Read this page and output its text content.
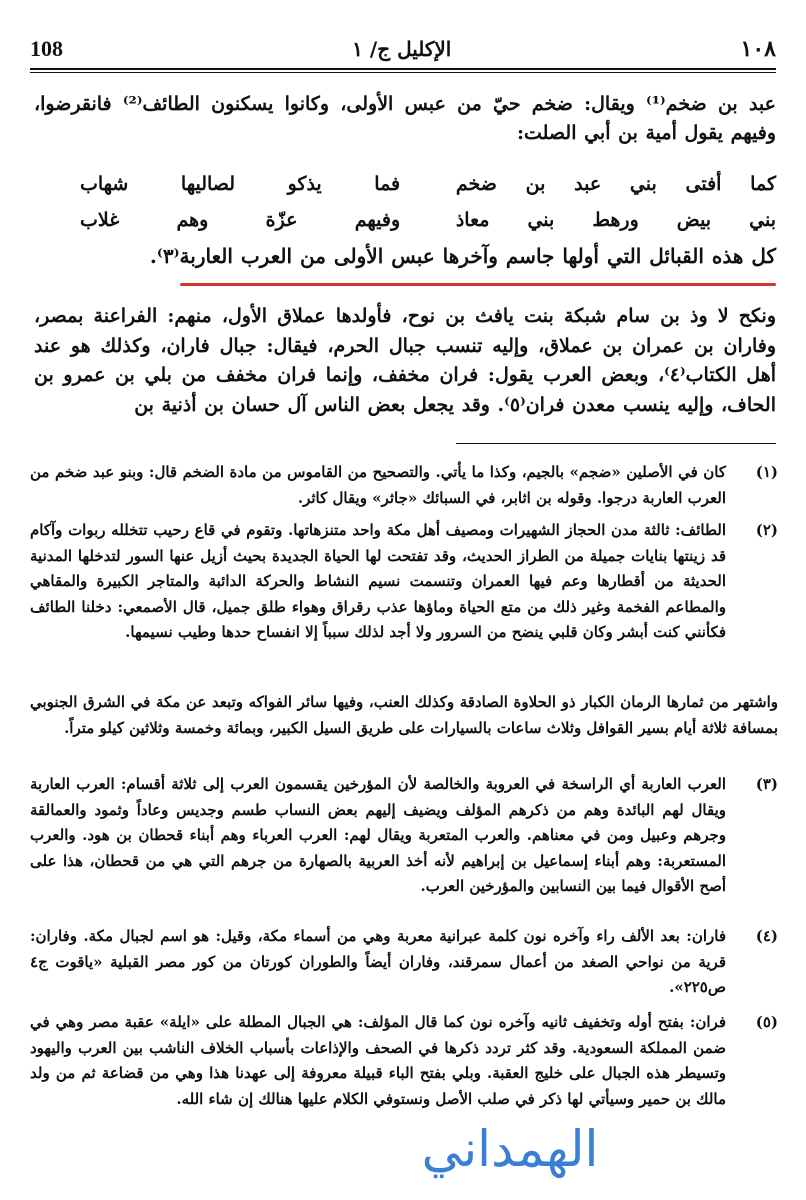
108	الإكليل ج/ ١	١٠٨
عبد بن ضخم⁽¹⁾ ويقال: ضخم حيّ من عبس الأولى، وكانوا يسكنون الطائف⁽²⁾ فانقرضوا، وفيهم يقول أمية بن أبي الصلت:
كما أفتى بني عبد بن ضخم
فما يذكو لصاليها شهاب
بني بيض ورهط بني معاذ
وفيهم عزّة وهم غلاب
كل هذه القبائل التي أولها جاسم وآخرها عبس الأولى من العرب العاربة⁽٣⁾.
ونكح لا وذ بن سام شبكة بنت يافث بن نوح، فأولدها عملاق الأول، منهم: الفراعنة بمصر، وفاران بن عمران بن عملاق، وإليه تنسب جبال الحرم، فيقال: جبال فاران، وكذلك هو عند أهل الكتاب⁽٤⁾، وبعض العرب يقول: فران مخفف، وإنما فران مخفف من بلي بن عمرو بن الحاف، وإليه ينسب معدن فران⁽٥⁾. وقد يجعل بعض الناس آل حسان بن أذنية بن
(١)
كان في الأصلين «ضجم» بالجيم، وكذا ما يأتي. والتصحيح من القاموس من مادة الضخم قال: وبنو عبد ضخم من العرب العاربة درجوا. وقوله بن اثابر، في السبائك «جاثر» ويقال كاثر.
(٢)
الطائف: ثالثة مدن الحجاز الشهيرات ومصيف أهل مكة واحد متنزهاتها. وتقوم في قاع رحيب تتخلله ربوات وآكام قد زينتها بنايات جميلة من الطراز الحديث، وقد تفتحت لها الحياة الجديدة بحيث أزيل عنها السور لتدخلها المدنية الحديثة من أقطارها وعم فيها العمران وتنسمت نسيم النشاط والحركة الدائبة والمتاجر الكبيرة والمقاهي والمطاعم الفخمة وغير ذلك من متع الحياة وماؤها عذب رقراق وهواء طلق جميل، قال الأصمعي: دخلنا الطائف فكأنني كنت أبشر وكان قلبي ينضح من السرور ولا أجد لذلك سبباً إلا انفساح حدها وطيب نسيمها.
واشتهر من ثمارها الرمان الكبار ذو الحلاوة الصادقة وكذلك العنب، وفيها سائر الفواكه وتبعد عن مكة في الشرق الجنوبي بمسافة ثلاثة أيام بسير القوافل وثلاث ساعات بالسيارات على طريق السيل الكبير، وبمائة وخمسة وثلاثين كيلو متراً.
(٣)
العرب العاربة أي الراسخة في العروبة والخالصة لأن المؤرخين يقسمون العرب إلى ثلاثة أقسام: العرب العاربة ويقال لهم البائدة وهم من ذكرهم المؤلف ويضيف إليهم بعض النساب طسم وجديس وعاداً وثمود والعمالقة وجرهم وعبيل ومن في معناهم. والعرب المتعربة ويقال لهم: العرب العرباء وهم أبناء قحطان بن هود. والعرب المستعربة: وهم أبناء إسماعيل بن إبراهيم لأنه أخذ العربية بالصهارة من جرهم التي هي من قحطان، هذا على أصح الأقوال فيما بين النسابين والمؤرخين العرب.
(٤)
فاران: بعد الألف راء وآخره نون كلمة عبرانية معربة وهي من أسماء مكة، وقيل: هو اسم لجبال مكة. وفاران: قرية من نواحي الصغد من أعمال سمرقند، وفاران أيضاً والطوران كورتان من كور مصر القبلية «ياقوت ج٤ ص٢٢٥».
(٥)
فران: بفتح أوله وتخفيف ثانيه وآخره نون كما قال المؤلف: هي الجبال المطلة على «ايلة» عقبة مصر وهي في ضمن المملكة السعودية. وقد كثر تردد ذكرها في الصحف والإذاعات بأسباب الخلاف الناشب بين العرب واليهود وتسيطر هذه الجبال على خليج العقبة. وبلي بفتح الباء قبيلة معروفة إلى عهدنا هذا وهي من قضاعة ثم من ولد مالك بن حمير وسيأتي لها ذكر في صلب الأصل ونستوفي الكلام عليها هنالك إن شاء الله.
الهمداني
